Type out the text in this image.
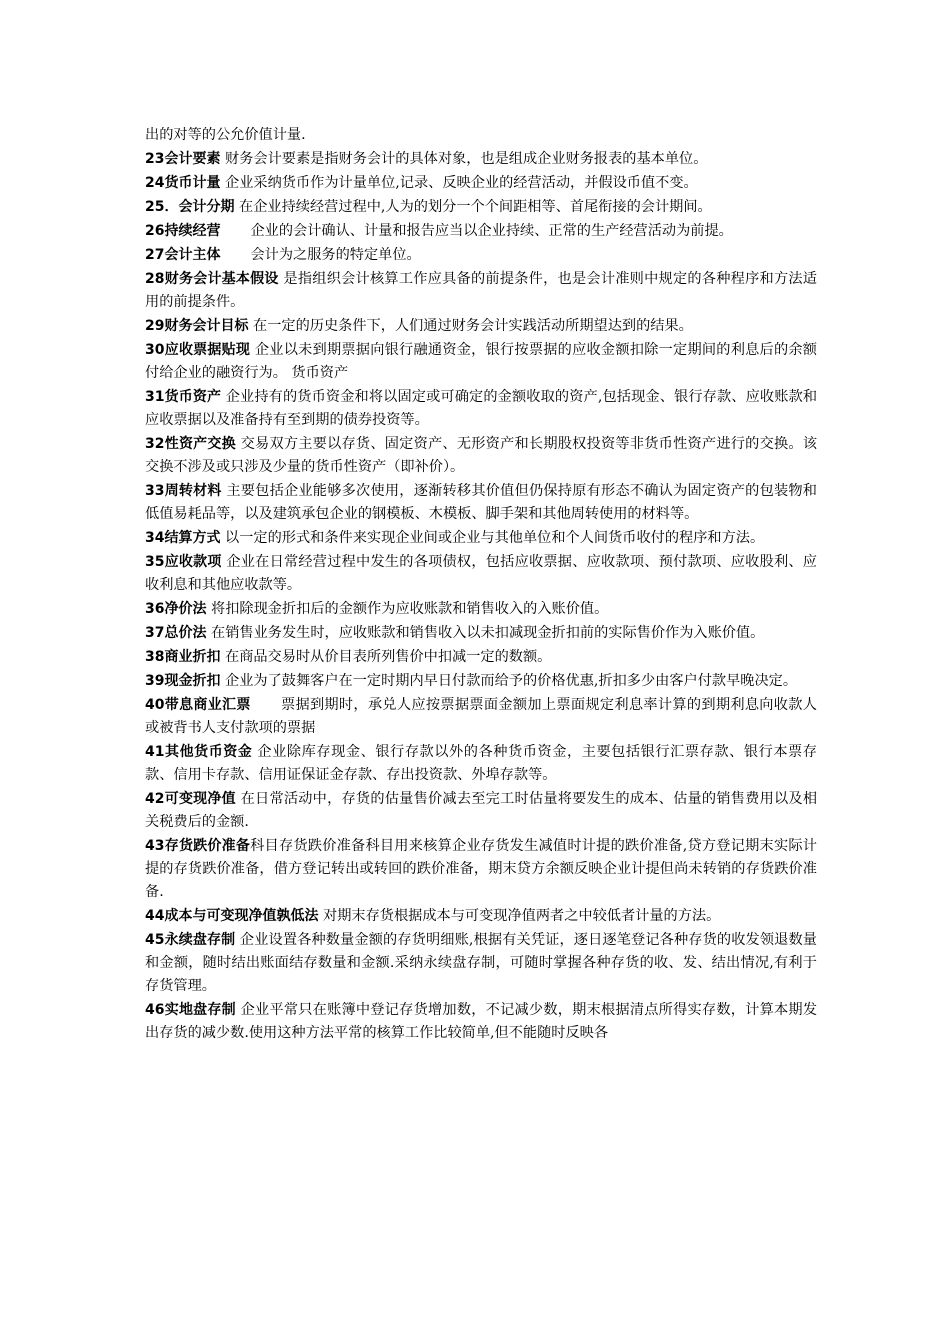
出的对等的公允价值计量.

23会计要素 财务会计要素是指财务会计的具体对象，也是组成企业财务报表的基本单位。

24货币计量 企业采纳货币作为计量单位,记录、反映企业的经营活动，并假设币值不变。

25．会计分期 在企业持续经营过程中,人为的划分一个个间距相等、首尾衔接的会计期间。

26持续经营 企业的会计确认、计量和报告应当以企业持续、正常的生产经营活动为前提。

27会计主体 会计为之服务的特定单位。

28财务会计基本假设 是指组织会计核算工作应具备的前提条件，也是会计准则中规定的各种程序和方法适用的前提条件。

29财务会计目标 在一定的历史条件下，人们通过财务会计实践活动所期望达到的结果。

30应收票据贴现 企业以未到期票据向银行融通资金，银行按票据的应收金额扣除一定期间的利息后的余额付给企业的融资行为。 货币资产

31货币资产 企业持有的货币资金和将以固定或可确定的金额收取的资产,包括现金、银行存款、应收账款和应收票据以及准备持有至到期的债券投资等。

32性资产交换 交易双方主要以存货、固定资产、无形资产和长期股权投资等非货币性资产进行的交换。该交换不涉及或只涉及少量的货币性资产（即补价）。

33周转材料 主要包括企业能够多次使用，逐渐转移其价值但仍保持原有形态不确认为固定资产的包装物和低值易耗品等，以及建筑承包企业的钢模板、木模板、脚手架和其他周转使用的材料等。

34结算方式 以一定的形式和条件来实现企业间或企业与其他单位和个人间货币收付的程序和方法。

35应收款项 企业在日常经营过程中发生的各项债权，包括应收票据、应收款项、预付款项、应收股利、应收利息和其他应收款等。

36净价法 将扣除现金折扣后的金额作为应收账款和销售收入的入账价值。

37总价法 在销售业务发生时，应收账款和销售收入以未扣减现金折扣前的实际售价作为入账价值。

38商业折扣 在商品交易时从价目表所列售价中扣减一定的数额。

39现金折扣 企业为了鼓舞客户在一定时期内早日付款而给予的价格优惠,折扣多少由客户付款早晚决定。

40带息商业汇票 票据到期时，承兑人应按票据票面金额加上票面规定利息率计算的到期利息向收款人或被背书人支付款项的票据

41其他货币资金 企业除库存现金、银行存款以外的各种货币资金，主要包括银行汇票存款、银行本票存款、信用卡存款、信用证保证金存款、存出投资款、外埠存款等。

42可变现净值 在日常活动中，存货的估量售价减去至完工时估量将要发生的成本、估量的销售费用以及相关税费后的金额.

43存货跌价准备科目存货跌价准备科目用来核算企业存货发生减值时计提的跌价准备,贷方登记期末实际计提的存货跌价准备，借方登记转出或转回的跌价准备，期末贷方余额反映企业计提但尚未转销的存货跌价准备.

44成本与可变现净值孰低法 对期末存货根据成本与可变现净值两者之中较低者计量的方法。

45永续盘存制 企业设置各种数量金额的存货明细账,根据有关凭证，逐日逐笔登记各种存货的收发领退数量和金额，随时结出账面结存数量和金额.采纳永续盘存制，可随时掌握各种存货的收、发、结出情况,有利于存货管理。

46实地盘存制 企业平常只在账簿中登记存货增加数，不记减少数，期末根据清点所得实存数，计算本期发出存货的减少数.使用这种方法平常的核算工作比较简单,但不能随时反映各
